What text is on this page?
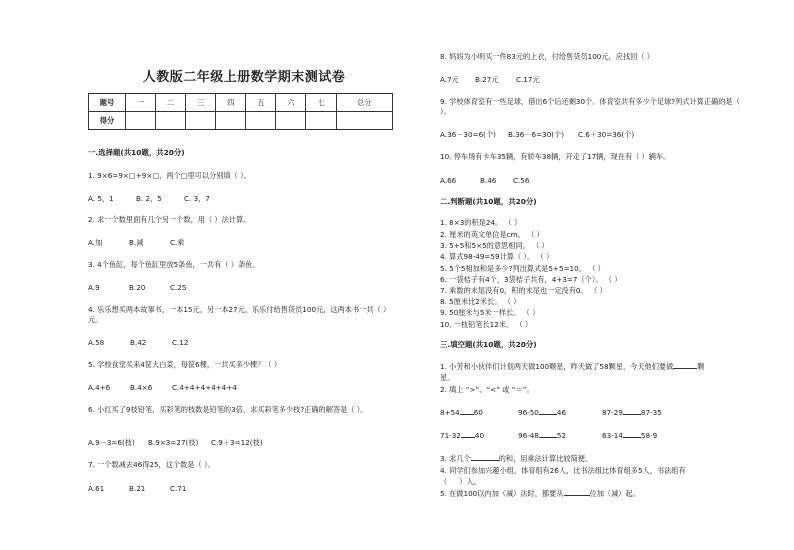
人教版二年级上册数学期末测试卷
题号	一	二	三	四	五	六	七	总分
得分								
一.选择题(共10题，共20分)
1. 9×6=9×□+9×□，两个□里可以分别填（ ）。
A. 5，1	B. 2，5	C. 3，7
2. 求一个数里面有几个另一个数，用（ ）法计算。
A.加	B.减	C.乘
3. 4个鱼缸，每个鱼缸里放5条鱼，一共有（ ）条鱼。
A.9	B.20	C.25
4. 乐乐想买两本故事书，一本15元，另一本27元，乐乐付给售货员100元，这两本书一共（ ）元。
A.58	B.42	C.12
5. 学校食堂买来4筐大白菜，每筐6棵，一共买多少棵？（ ）
A.4+6	B.4×6	C.4+4+4+4+4+4
6. 小红买了9枝铅笔，买彩笔的枝数是铅笔的3倍，求买彩笔多少枝?正确的解答是（ ）。
A.9－3=6(枝) B.9×3=27(枝) C.9＋3=12(枝)
7. 一个数减去46得25，这个数是（ ）。
A.61	B.21	C.71
8. 妈妈为小明买一件83元的上衣，付给售货员100元，应找回（ ）
A.7元 B.27元 C.17元
9. 学校体育室有一些足球，借出6个后还剩30个。体育室共有多少个足球?列式计算正确的是（ ）。
A.36－30=6(个) B.36－6=30(个) C.6＋30=36(个)
10. 停车场有卡车35辆，有轿车38辆，开走了17辆，现在有（ ）辆车。
A.66	B.46 C.56
二.判断题(共10题，共20分)
1. 8×3的积是24。 （ ）
2. 厘米的英文单位是cm。 （ ）
3. 5+5和5×5的意思相同。 （ ）
4. 算式98-49=59计算（ ）。 （ ）
5. 5个5相加和是多少?列出算式是5+5=10。 （ ）
6. 一袋桔子有4个，3袋桔子共有，4+3=7（个）。 （ ）
7. 乘数的末尾没有0，积的末尾也一定没有0。 （ ）
8. 5厘米比2米长。 （ ）
9. 50厘米与5米一样长。 （ ）
10. 一枝铅笔长12米。 （ ）
三.填空题(共10题，共20分)
1. 小芳和小伙伴们计划两天做100颗星，昨天做了58颗星，今天他们要做	颗
星。
2. 填上 “>”、“<” 或 “＝”。
8+54 60	96-50	46	87-29	87-35
71-32 40	96-48	52	63-14	58-9
3. 求几个	的和，用乘法计算比较简便。
4. 同学们参加兴趣小组，体育组有26人，比书法组比体育组多5人，书法组有
（ ）人。
5. 在做100以内加（减）法时，都要从	位加（减）起。
